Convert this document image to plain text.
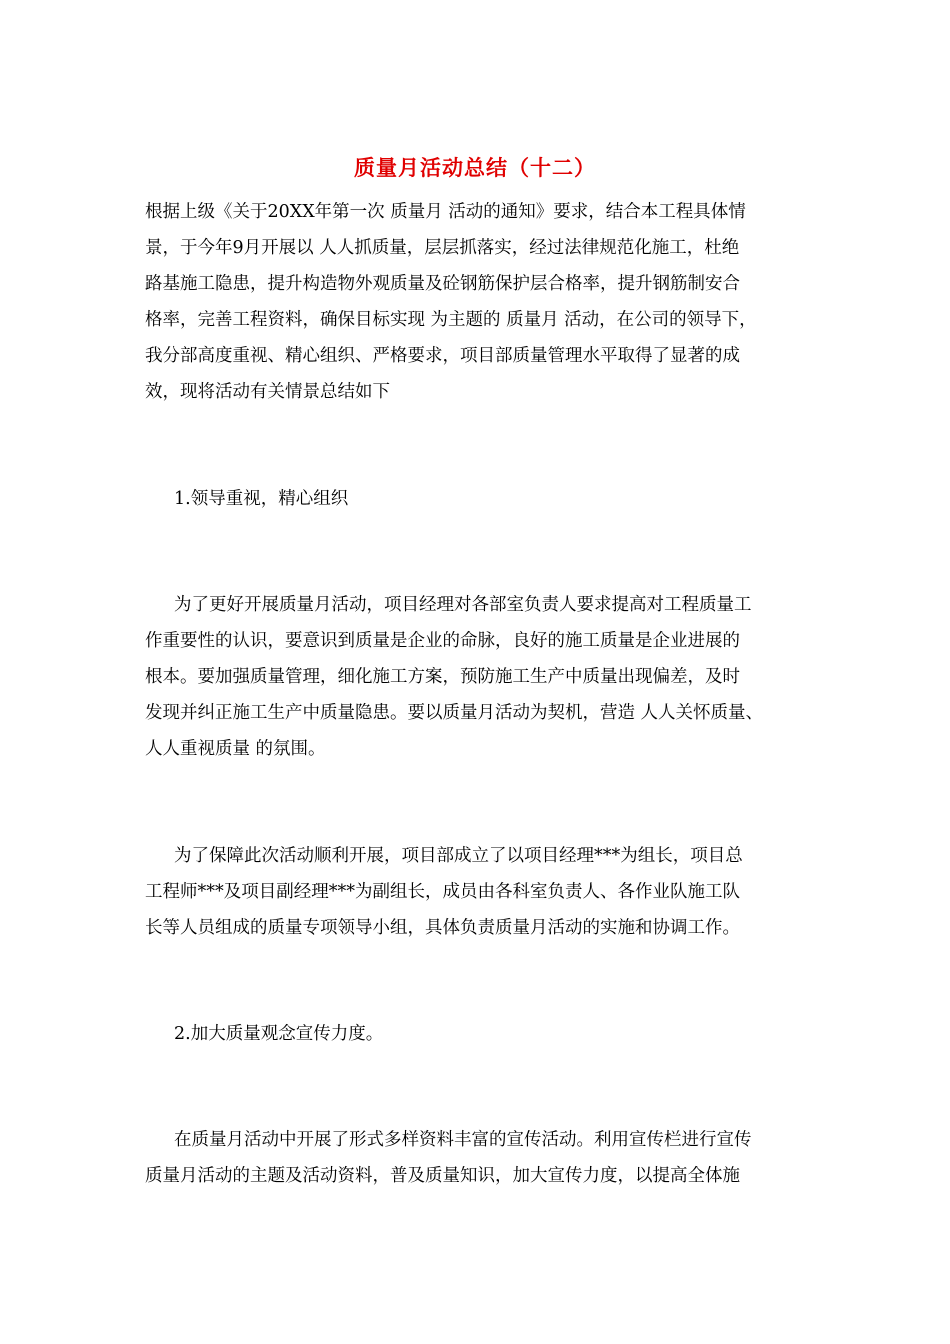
质量月活动总结（十二）
根据上级《关于20XX年第一次 质量月 活动的通知》要求，结合本工程具体情
景，于今年9月开展以 人人抓质量，层层抓落实，经过法律规范化施工，杜绝
路基施工隐患，提升构造物外观质量及砼钢筋保护层合格率，提升钢筋制安合
格率，完善工程资料，确保目标实现 为主题的 质量月 活动，在公司的领导下，
我分部高度重视、精心组织、严格要求，项目部质量管理水平取得了显著的成
效，现将活动有关情景总结如下
1.领导重视，精心组织
为了更好开展质量月活动，项目经理对各部室负责人要求提高对工程质量工
作重要性的认识，要意识到质量是企业的命脉，良好的施工质量是企业进展的
根本。要加强质量管理，细化施工方案，预防施工生产中质量出现偏差，及时
发现并纠正施工生产中质量隐患。要以质量月活动为契机，营造 人人关怀质量、
人人重视质量 的氛围。
为了保障此次活动顺利开展，项目部成立了以项目经理***为组长，项目总
工程师***及项目副经理***为副组长，成员由各科室负责人、各作业队施工队
长等人员组成的质量专项领导小组，具体负责质量月活动的实施和协调工作。
2.加大质量观念宣传力度。
在质量月活动中开展了形式多样资料丰富的宣传活动。利用宣传栏进行宣传
质量月活动的主题及活动资料，普及质量知识，加大宣传力度，以提高全体施
